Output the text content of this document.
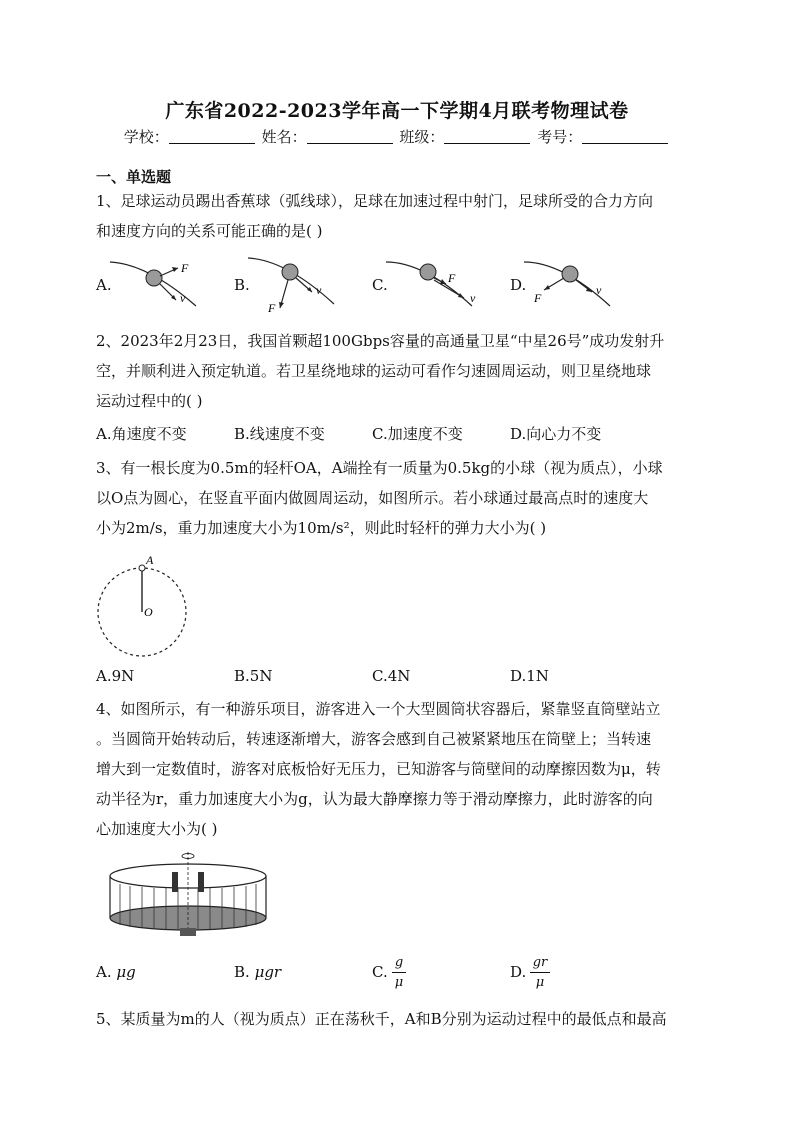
广东省2022-2023学年高一下学期4月联考物理试卷
学校：	姓名：	班级：	考号：
一、单选题
1、足球运动员踢出香蕉球（弧线球），足球在加速过程中射门，足球所受的合力方向
和速度方向的关系可能正确的是( )
A.
F
v
B.	v
F
C.	F
v
D.	v
F
2、2023年2月23日，我国首颗超100Gbps容量的高通量卫星“中星26号”成功发射升
空，并顺利进入预定轨道。若卫星绕地球的运动可看作匀速圆周运动，则卫星绕地球
运动过程中的( )
A.角速度不变	B.线速度不变	C.加速度不变	D.向心力不变
3、有一根长度为0.5m的轻杆OA，A端拴有一质量为0.5kg的小球（视为质点），小球
以O点为圆心，在竖直平面内做圆周运动，如图所示。若小球通过最高点时的速度大
小为2m/s，重力加速度大小为10m/s²，则此时轻杆的弹力大小为( )
A
O
A.9N	B.5N	C.4N	D.1N
4、如图所示，有一种游乐项目，游客进入一个大型圆筒状容器后，紧靠竖直筒壁站立
。当圆筒开始转动后，转速逐渐增大，游客会感到自己被紧紧地压在筒壁上；当转速
增大到一定数值时，游客对底板恰好无压力，已知游客与筒壁间的动摩擦因数为μ，转
动半径为r，重力加速度大小为g，认为最大静摩擦力等于滑动摩擦力，此时游客的向
心加速度大小为( )
A. μg	B. μgr	C.
g
μ
D.
gr
μ
5、某质量为m的人（视为质点）正在荡秋千，A和B分别为运动过程中的最低点和最高
